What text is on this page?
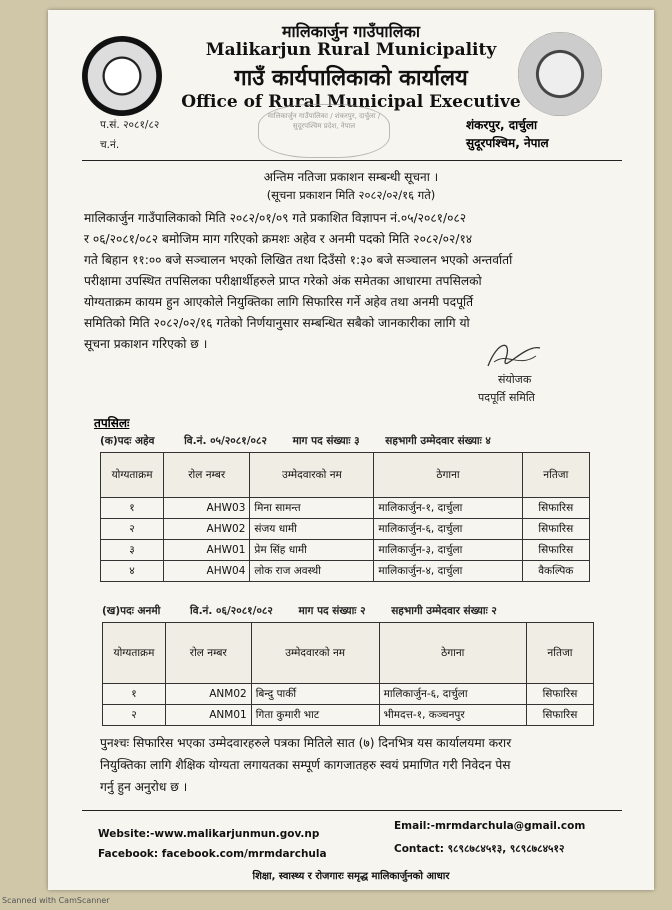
मालिकार्जुन गाउँपालिका
Malikarjun Rural Municipality
गाउँ कार्यपालिकाको कार्यालय
Office of Rural Municipal Executive
प.सं. २०८१/८२
च.नं.
मालिकार्जुन गाउँपालिका / शंकरपुर, दार्चुला / सुदूरपश्चिम प्रदेश, नेपाल	शंकरपुर, दार्चुला
सुदूरपश्चिम, नेपाल
अन्तिम नतिजा प्रकाशन सम्बन्धी सूचना ।
(सूचना प्रकाशन मिति २०८२/०२/१६ गते)
मालिकार्जुन गाउँपालिकाको मिति २०८२/०१/०९ गते प्रकाशित विज्ञापन नं.०५/२०८१/०८२
र ०६/२०८१/०८२ बमोजिम माग गरिएको क्रमशः अहेव र अनमी पदको मिति २०८२/०२/१४
गते बिहान ११:०० बजे सञ्चालन भएको लिखित तथा दिउँसो १:३० बजे सञ्चालन भएको अन्तर्वार्ता
परीक्षामा उपस्थित तपसिलका परीक्षार्थीहरुले प्राप्त गरेको अंक समेतका आधारमा तपसिलको
योग्यताक्रम कायम हुन आएकोले नियुक्तिका लागि सिफारिस गर्ने अहेव तथा अनमी पदपूर्ति
समितिको मिति २०८२/०२/१६ गतेको निर्णयानुसार सम्बन्धित सबैको जानकारीका लागि यो
सूचना प्रकाशन गरिएको छ ।
संयोजक
पदपूर्ति समिति
तपसिलः
(क)पदः अहेव	वि.नं. ०५/२०८१/०८२ माग पद संख्याः ३ सहभागी उम्मेदवार संख्याः ४
योग्यताक्रम	रोल नम्बर	उम्मेदवारको नम	ठेगाना	नतिजा
१	AHW03	मिना सामन्त	मालिकार्जुन-१, दार्चुला	सिफारिस
२	AHW02	संजय धामी	मालिकार्जुन-६, दार्चुला	सिफारिस
३	AHW01	प्रेम सिंह धामी	मालिकार्जुन-३, दार्चुला	सिफारिस
४	AHW04	लोक राज अवस्थी	मालिकार्जुन-४, दार्चुला	वैकल्पिक
(ख)पदः अनमी	वि.नं. ०६/२०८१/०८२ माग पद संख्याः २ सहभागी उम्मेदवार संख्याः २
योग्यताक्रम	रोल नम्बर	उम्मेदवारको नम	ठेगाना	नतिजा
१	ANM02	बिन्दु पार्की	मालिकार्जुन-६, दार्चुला	सिफारिस
२	ANM01	गिता कुमारी भाट	भीमदत्त-१, कञ्चनपुर	सिफारिस
पुनश्चः सिफारिस भएका उम्मेदवारहरुले पत्रका मितिले सात (७) दिनभित्र यस कार्यालयमा करार
नियुक्तिका लागि शैक्षिक योग्यता लगायतका सम्पूर्ण कागजातहरु स्वयं प्रमाणित गरी निवेदन पेस
गर्नु हुन अनुरोध छ ।
Website:-www.malikarjunmun.gov.np
Email:-mrmdarchula@gmail.com
Facebook: facebook.com/mrmdarchula	Contact: ९८९८७८४५१३, ९८९८७८४५१२
शिक्षा, स्वास्थ्य र रोजगारः समृद्ध मालिकार्जुनको आधार
Scanned with CamScanner
